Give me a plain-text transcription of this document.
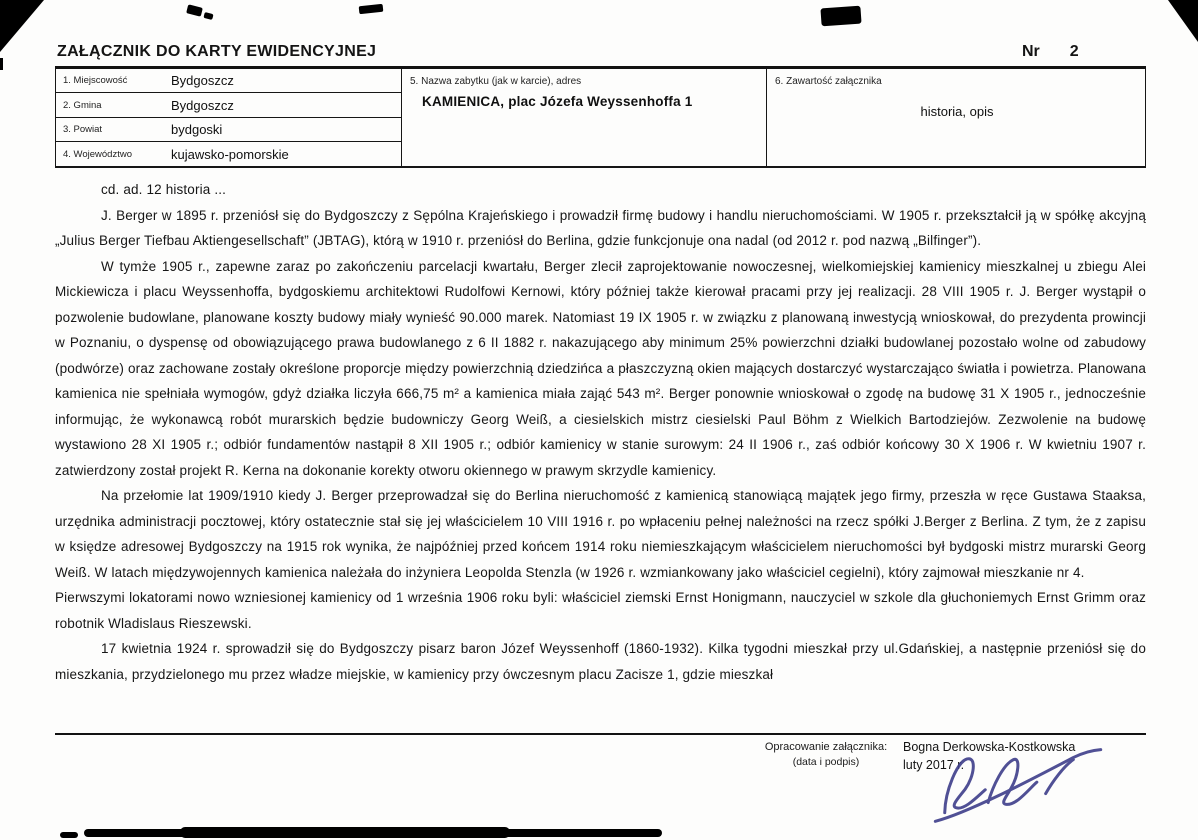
ZAŁĄCZNIK DO KARTY EWIDENCYJNEJ	Nr 2
1. Miejscowość	Bydgoszcz
2. Gmina	Bydgoszcz
3. Powiat	bydgoski
4. Województwo	kujawsko-pomorskie
5. Nazwa zabytku (jak w karcie), adres
KAMIENICA, plac Józefa Weyssenhoffa 1
6. Zawartość załącznika
historia, opis

cd. ad. 12 historia ...

J. Berger w 1895 r. przeniósł się do Bydgoszczy z Sępólna Krajeńskiego i prowadził firmę budowy i handlu nieruchomościami. W 1905 r. przekształcił ją w spółkę akcyjną „Julius Berger Tiefbau Aktiengesellschaft” (JBTAG), którą w 1910 r. przeniósł do Berlina, gdzie funkcjonuje ona nadal (od 2012 r. pod nazwą „Bilfinger”).

W tymże 1905 r., zapewne zaraz po zakończeniu parcelacji kwartału, Berger zlecił zaprojektowanie nowoczesnej, wielkomiejskiej kamienicy mieszkalnej u zbiegu Alei Mickiewicza i placu Weyssenhoffa, bydgoskiemu architektowi Rudolfowi Kernowi, który później także kierował pracami przy jej realizacji. 28 VIII 1905 r. J. Berger wystąpił o pozwolenie budowlane, planowane koszty budowy miały wynieść 90.000 marek. Natomiast 19 IX 1905 r. w związku z planowaną inwestycją wnioskował, do prezydenta prowincji w Poznaniu, o dyspensę od obowiązującego prawa budowlanego z 6 II 1882 r. nakazującego aby minimum 25% powierzchni działki budowlanej pozostało wolne od zabudowy (podwórze) oraz zachowane zostały określone proporcje między powierzchnią dziedzińca a płaszczyzną okien mających dostarczyć wystarczająco światła i powietrza. Planowana kamienica nie spełniała wymogów, gdyż działka liczyła 666,75 m² a kamienica miała zająć 543 m². Berger ponownie wnioskował o zgodę na budowę 31 X 1905 r., jednocześnie informując, że wykonawcą robót murarskich będzie budowniczy Georg Weiß, a ciesielskich mistrz ciesielski Paul Böhm z Wielkich Bartodziejów. Zezwolenie na budowę wystawiono 28 XI 1905 r.; odbiór fundamentów nastąpił 8 XII 1905 r.; odbiór kamienicy w stanie surowym: 24 II 1906 r., zaś odbiór końcowy 30 X 1906 r. W kwietniu 1907 r. zatwierdzony został projekt R. Kerna na dokonanie korekty otworu okiennego w prawym skrzydle kamienicy.

Na przełomie lat 1909/1910 kiedy J. Berger przeprowadzał się do Berlina nieruchomość z kamienicą stanowiącą majątek jego firmy, przeszła w ręce Gustawa Staaksa, urzędnika administracji pocztowej, który ostatecznie stał się jej właścicielem 10 VIII 1916 r. po wpłaceniu pełnej należności na rzecz spółki J.Berger z Berlina. Z tym, że z zapisu w księdze adresowej Bydgoszczy na 1915 rok wynika, że najpóźniej przed końcem 1914 roku niemieszkającym właścicielem nieruchomości był bydgoski mistrz murarski Georg Weiß. W latach międzywojennych kamienica należała do inżyniera Leopolda Stenzla (w 1926 r. wzmiankowany jako właściciel cegielni), który zajmował mieszkanie nr 4.

Pierwszymi lokatorami nowo wzniesionej kamienicy od 1 września 1906 roku byli: właściciel ziemski Ernst Honigmann, nauczyciel w szkole dla głuchoniemych Ernst Grimm oraz robotnik Wladislaus Rieszewski.

17 kwietnia 1924 r. sprowadził się do Bydgoszczy pisarz baron Józef Weyssenhoff (1860-1932). Kilka tygodni mieszkał przy ul.Gdańskiej, a następnie przeniósł się do mieszkania, przydzielonego mu przez władze miejskie, w kamienicy przy ówczesnym placu Zacisze 1, gdzie mieszkał

Opracowanie załącznika:
(data i podpis)
Bogna Derkowska-Kostkowska
luty 2017 r.
